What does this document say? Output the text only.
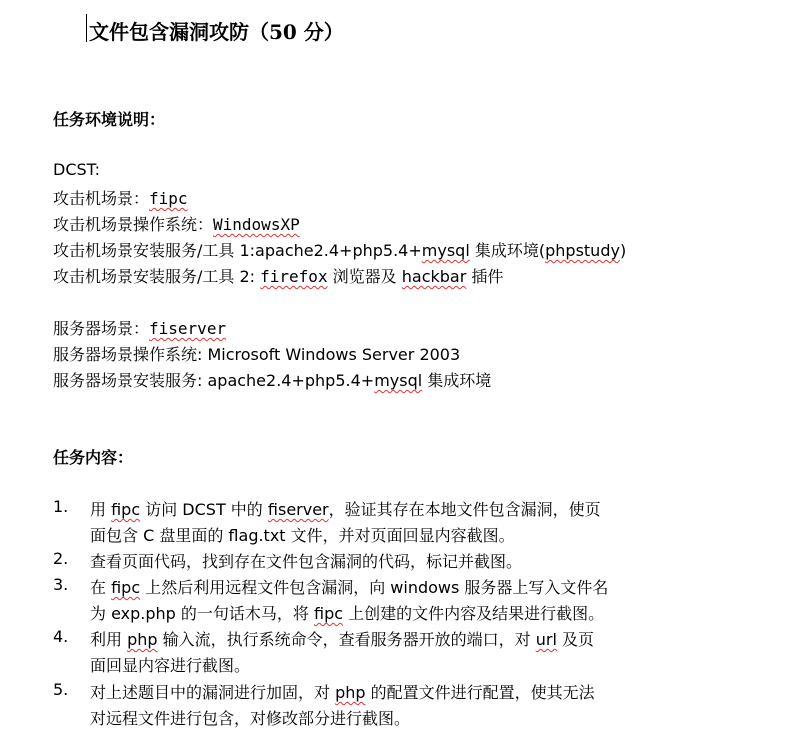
文件包含漏洞攻防（50 分）
任务环境说明：
DCST:
攻击机场景：fipc
攻击机场景操作系统：WindowsXP
攻击机场景安装服务/工具 1:apache2.4+php5.4+mysql 集成环境(phpstudy)
攻击机场景安装服务/工具 2: firefox 浏览器及 hackbar 插件
服务器场景：fiserver
服务器场景操作系统: Microsoft Windows Server 2003
服务器场景安装服务: apache2.4+php5.4+mysql 集成环境
任务内容：
1. 用 fipc 访问 DCST 中的 fiserver，验证其存在本地文件包含漏洞，使页
面包含 C 盘里面的 flag.txt 文件，并对页面回显内容截图。
2. 查看页面代码，找到存在文件包含漏洞的代码，标记并截图。
3. 在 fipc 上然后利用远程文件包含漏洞，向 windows 服务器上写入文件名
为 exp.php 的一句话木马，将 fipc 上创建的文件内容及结果进行截图。
4. 利用 php 输入流，执行系统命令，查看服务器开放的端口，对 url 及页
面回显内容进行截图。
5. 对上述题目中的漏洞进行加固，对 php 的配置文件进行配置，使其无法
对远程文件进行包含，对修改部分进行截图。
